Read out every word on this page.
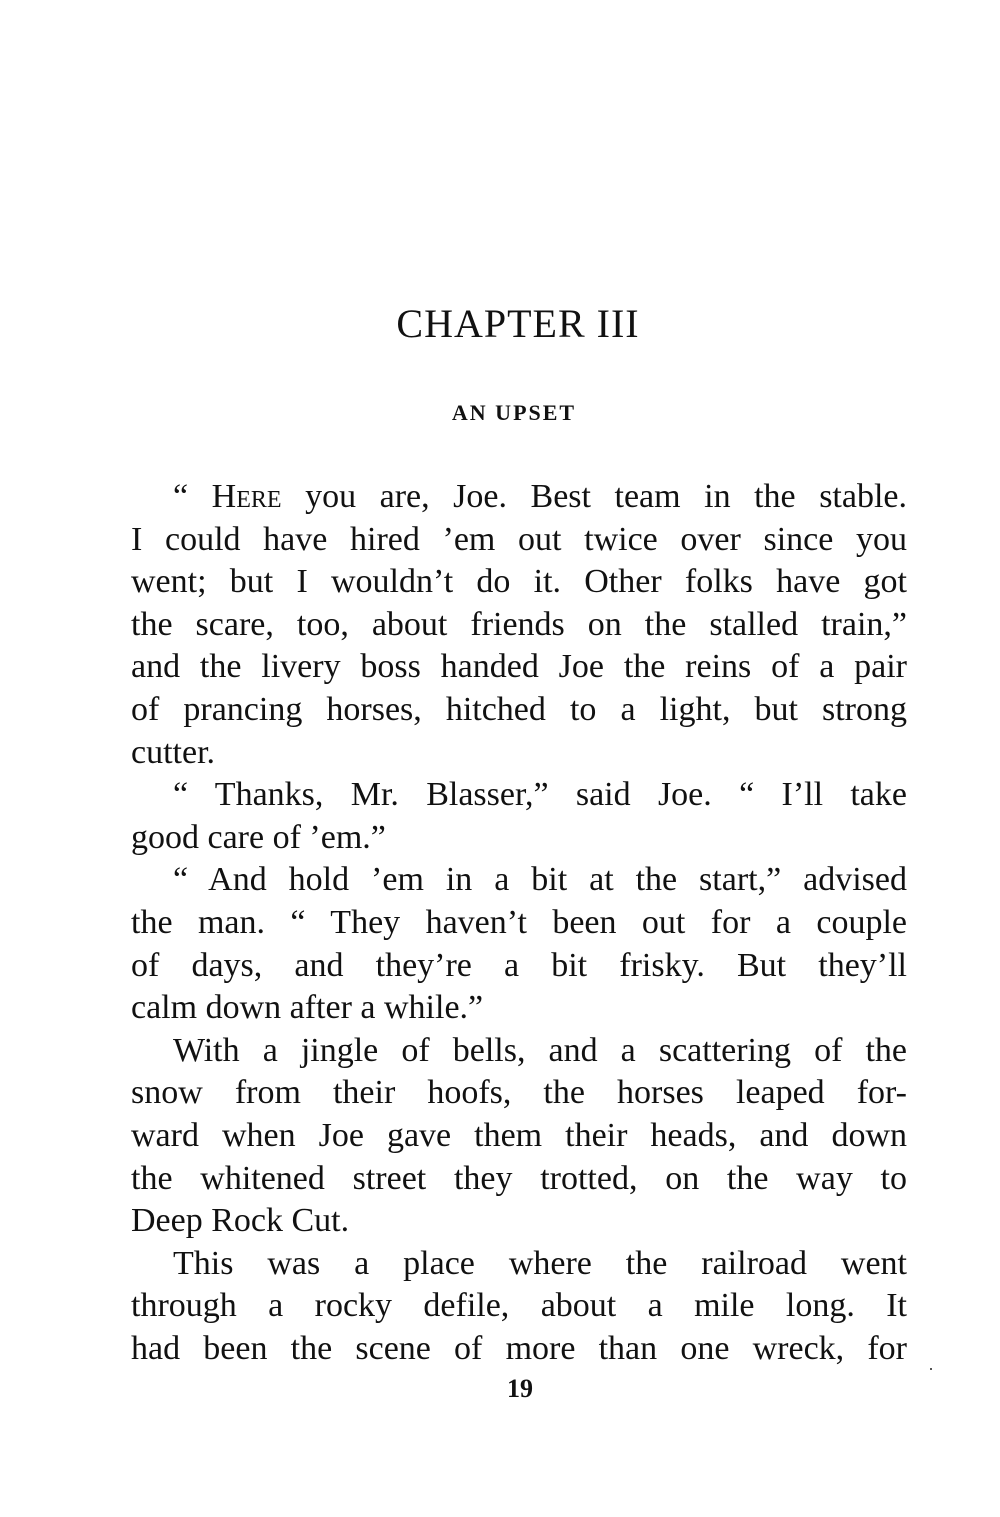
CHAPTER III
AN UPSET
“ Here you are, Joe. Best team in the stable.
I could have hired ’em out twice over since you
went; but I wouldn’t do it. Other folks have got
the scare, too, about friends on the stalled train,”
and the livery boss handed Joe the reins of a pair
of prancing horses, hitched to a light, but strong
cutter.
“ Thanks, Mr. Blasser,” said Joe. “ I’ll take
good care of ’em.”
“ And hold ’em in a bit at the start,” advised
the man. “ They haven’t been out for a couple
of days, and they’re a bit frisky. But they’ll
calm down after a while.”
With a jingle of bells, and a scattering of the
snow from their hoofs, the horses leaped for-
ward when Joe gave them their heads, and down
the whitened street they trotted, on the way to
Deep Rock Cut.
This was a place where the railroad went
through a rocky defile, about a mile long. It
had been the scene of more than one wreck, for
19
